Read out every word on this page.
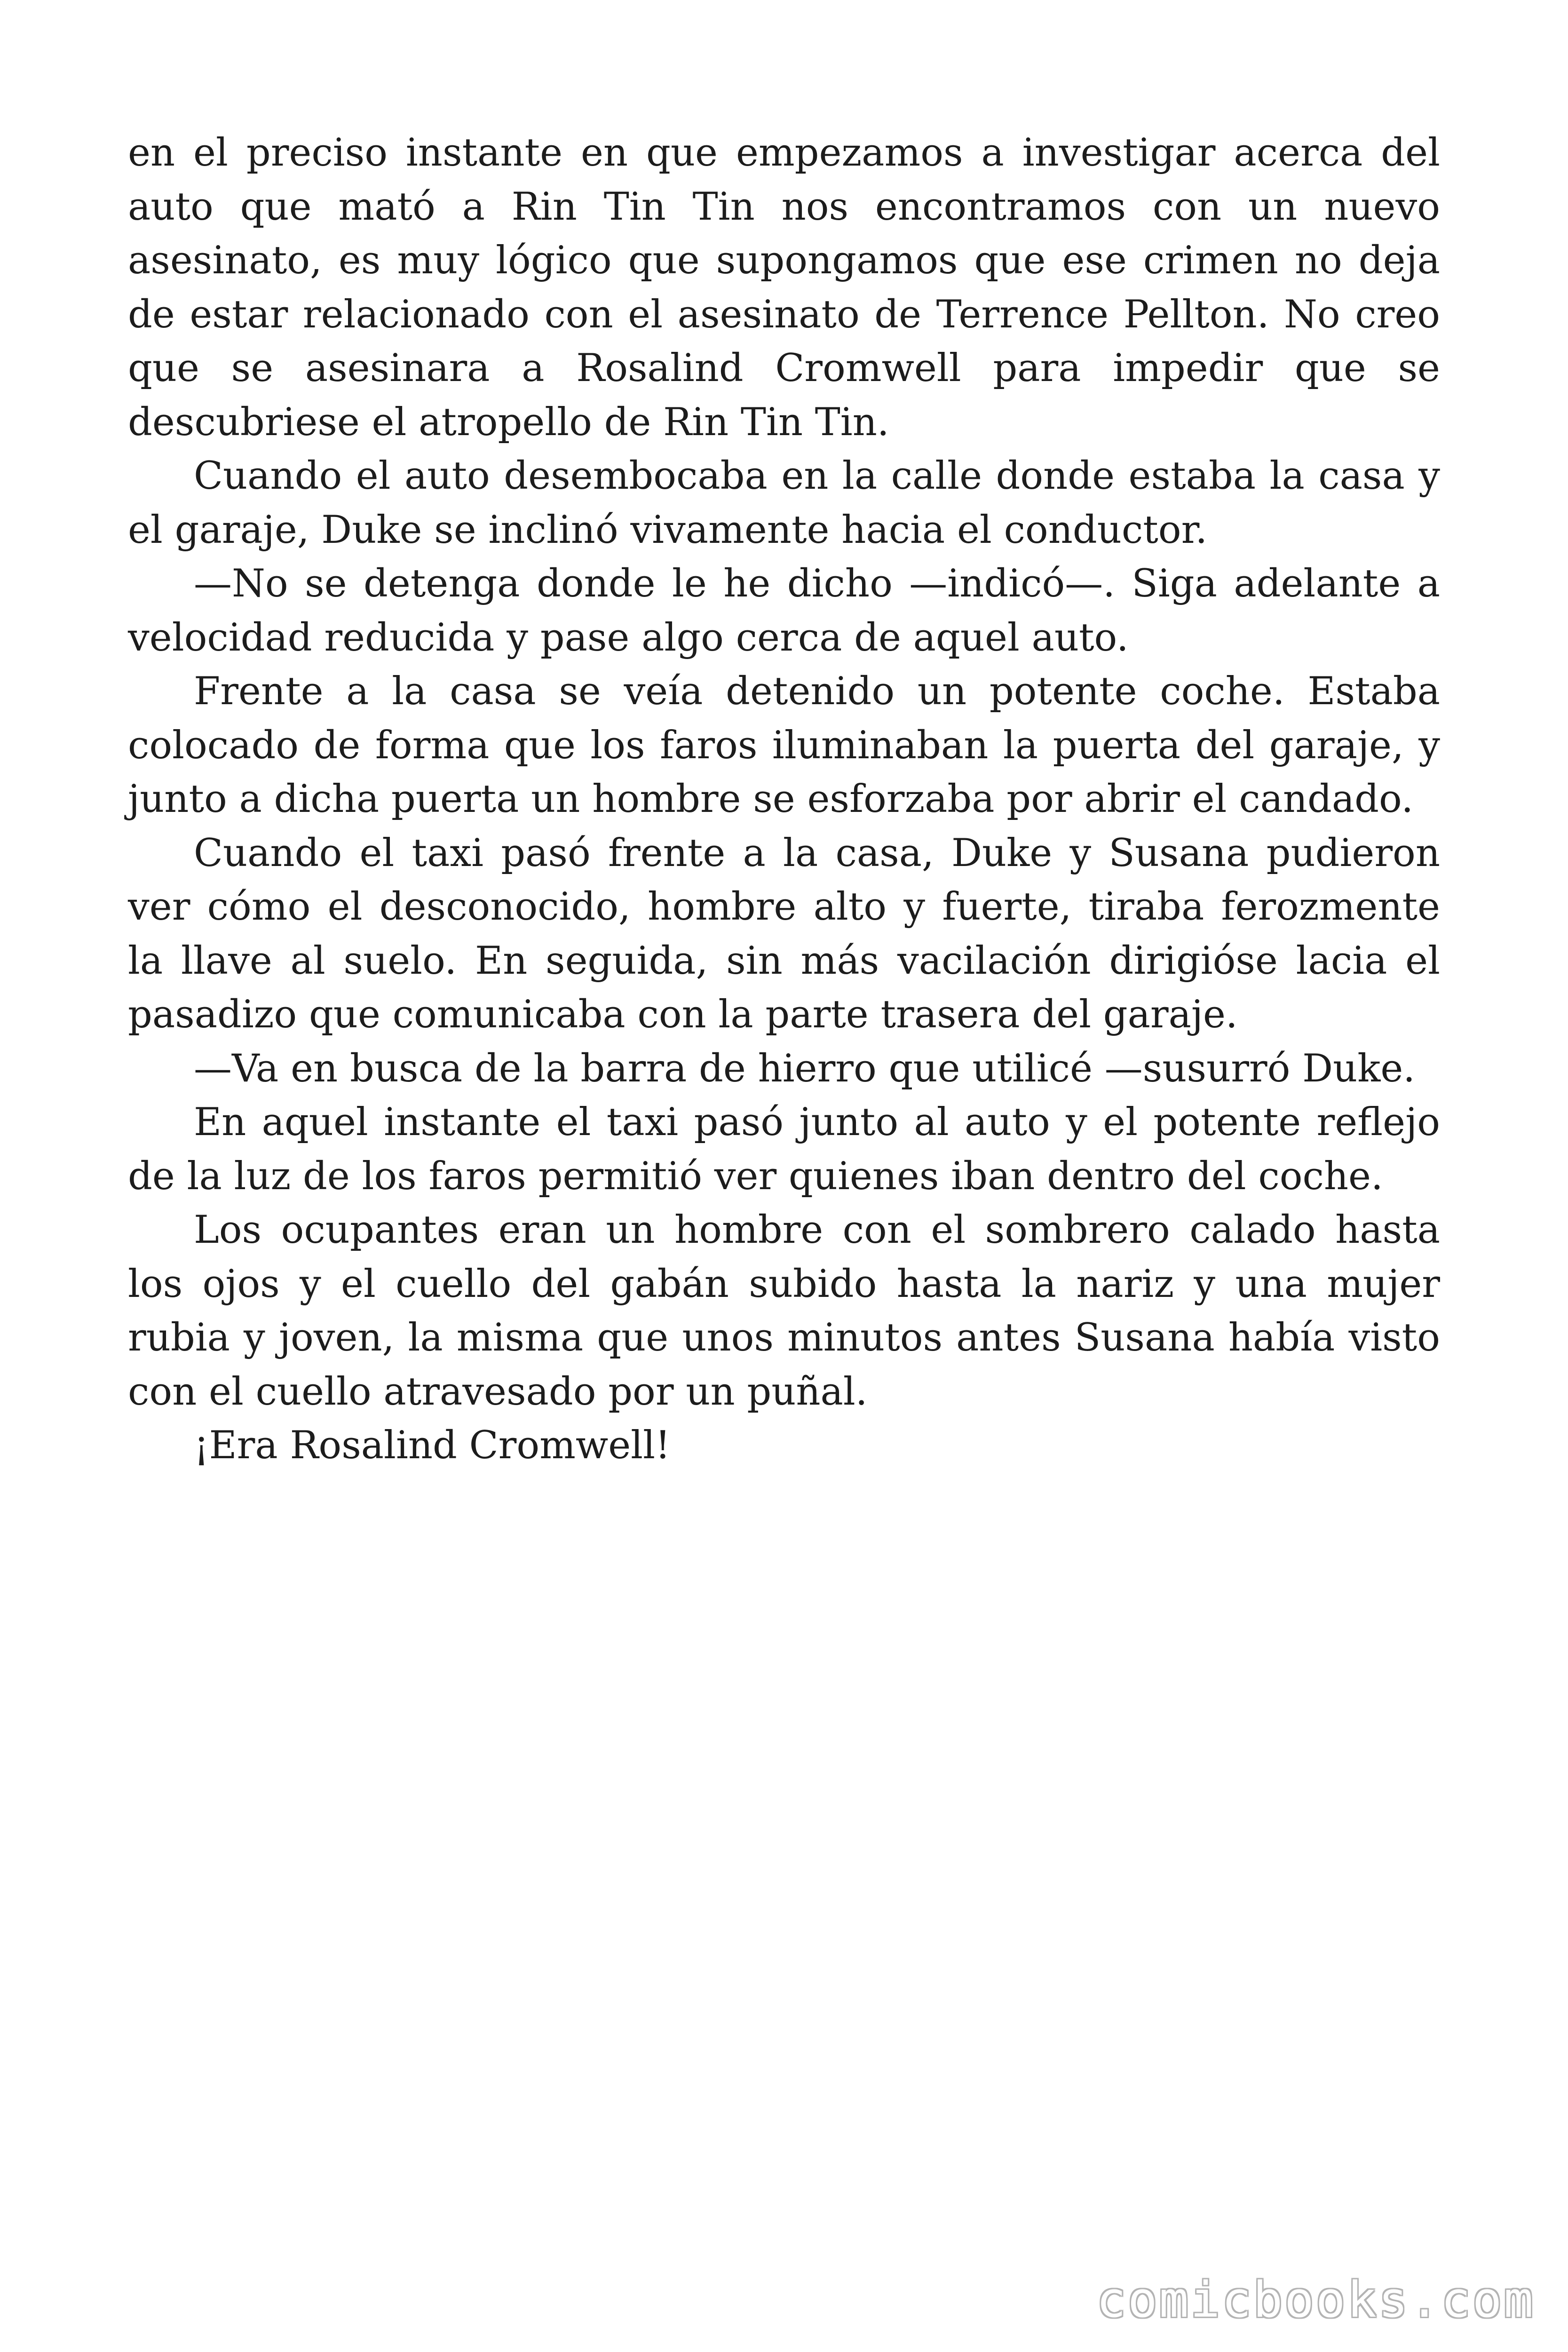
en el preciso instante en que empezamos a investigar acerca del auto que mató a Rin Tin Tin nos encontramos con un nuevo asesinato, es muy lógico que supongamos que ese crimen no deja de estar relacionado con el asesinato de Terrence Pellton. No creo que se asesinara a Rosalind Cromwell para impedir que se descubriese el atropello de Rin Tin Tin.

Cuando el auto desembocaba en la calle donde estaba la casa y el garaje, Duke se inclinó vivamente hacia el conductor.

—No se detenga donde le he dicho —indicó—. Siga adelante a velocidad reducida y pase algo cerca de aquel auto.

Frente a la casa se veía detenido un potente coche. Estaba colocado de forma que los faros iluminaban la puerta del garaje, y junto a dicha puerta un hombre se esforzaba por abrir el candado.

Cuando el taxi pasó frente a la casa, Duke y Susana pudieron ver cómo el desconocido, hombre alto y fuerte, tiraba ferozmente la llave al suelo. En seguida, sin más vacilación dirigióse lacia el pasadizo que comunicaba con la parte trasera del garaje.

—Va en busca de la barra de hierro que utilicé —susurró Duke.

En aquel instante el taxi pasó junto al auto y el potente reflejo de la luz de los faros permitió ver quienes iban dentro del coche.

Los ocupantes eran un hombre con el sombrero calado hasta los ojos y el cuello del gabán subido hasta la nariz y una mujer rubia y joven, la misma que unos minutos antes Susana había visto con el cuello atravesado por un puñal.

¡Era Rosalind Cromwell!

comicbooks.com
